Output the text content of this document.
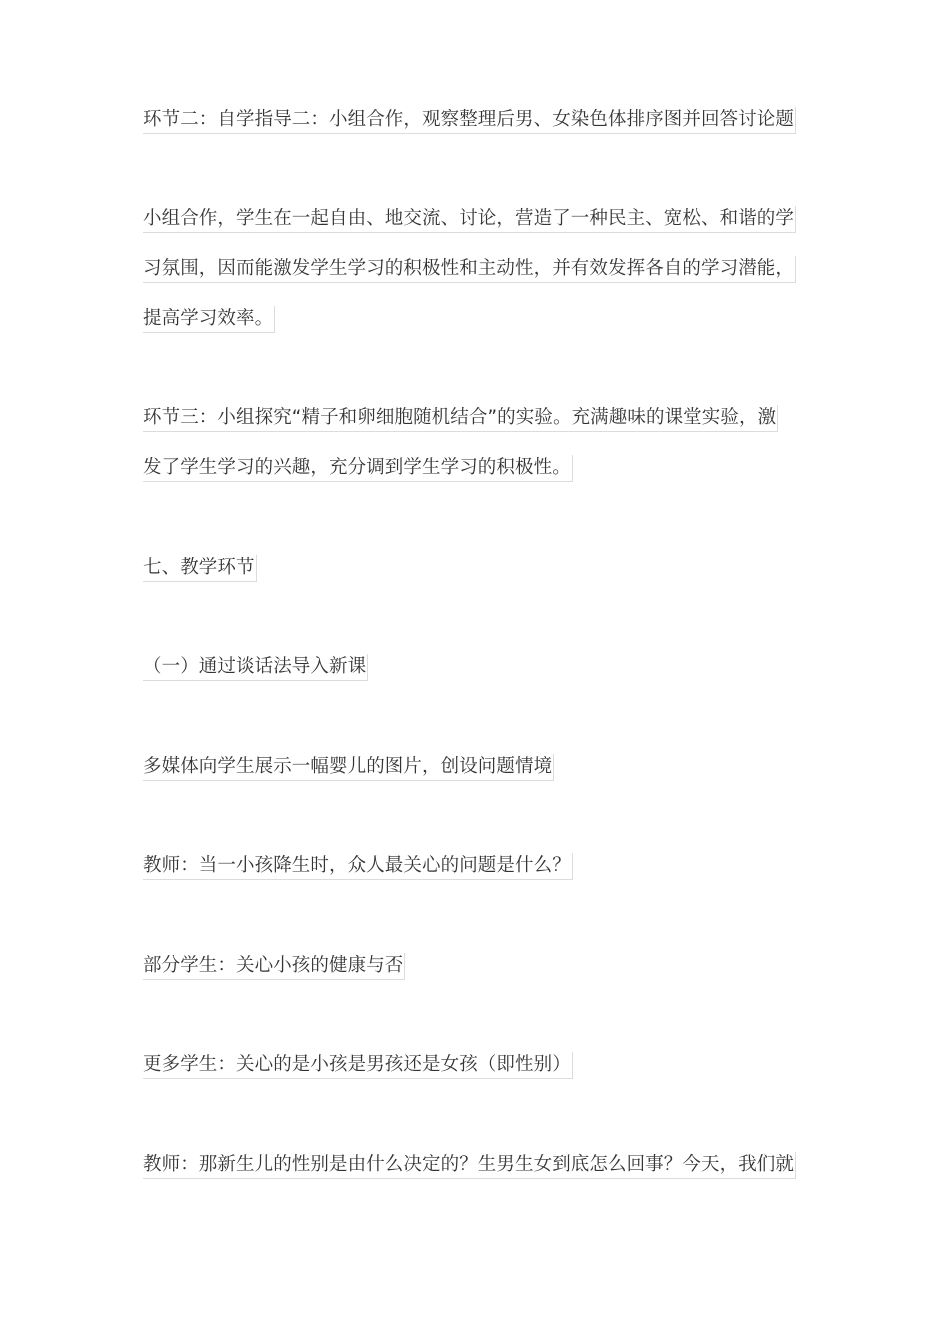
环节二：自学指导二：小组合作，观察整理后男、女染色体排序图并回答讨论题
小组合作，学生在一起自由、地交流、讨论，营造了一种民主、宽松、和谐的学
习氛围，因而能激发学生学习的积极性和主动性，并有效发挥各自的学习潜能，
提高学习效率。
环节三：小组探究“精子和卵细胞随机结合”的实验。充满趣味的课堂实验，激
发了学生学习的兴趣，充分调到学生学习的积极性。
七、教学环节
（一）通过谈话法导入新课
多媒体向学生展示一幅婴儿的图片，创设问题情境
教师：当一小孩降生时，众人最关心的问题是什么？
部分学生：关心小孩的健康与否
更多学生：关心的是小孩是男孩还是女孩（即性别）
教师：那新生儿的性别是由什么决定的？生男生女到底怎么回事？今天，我们就
